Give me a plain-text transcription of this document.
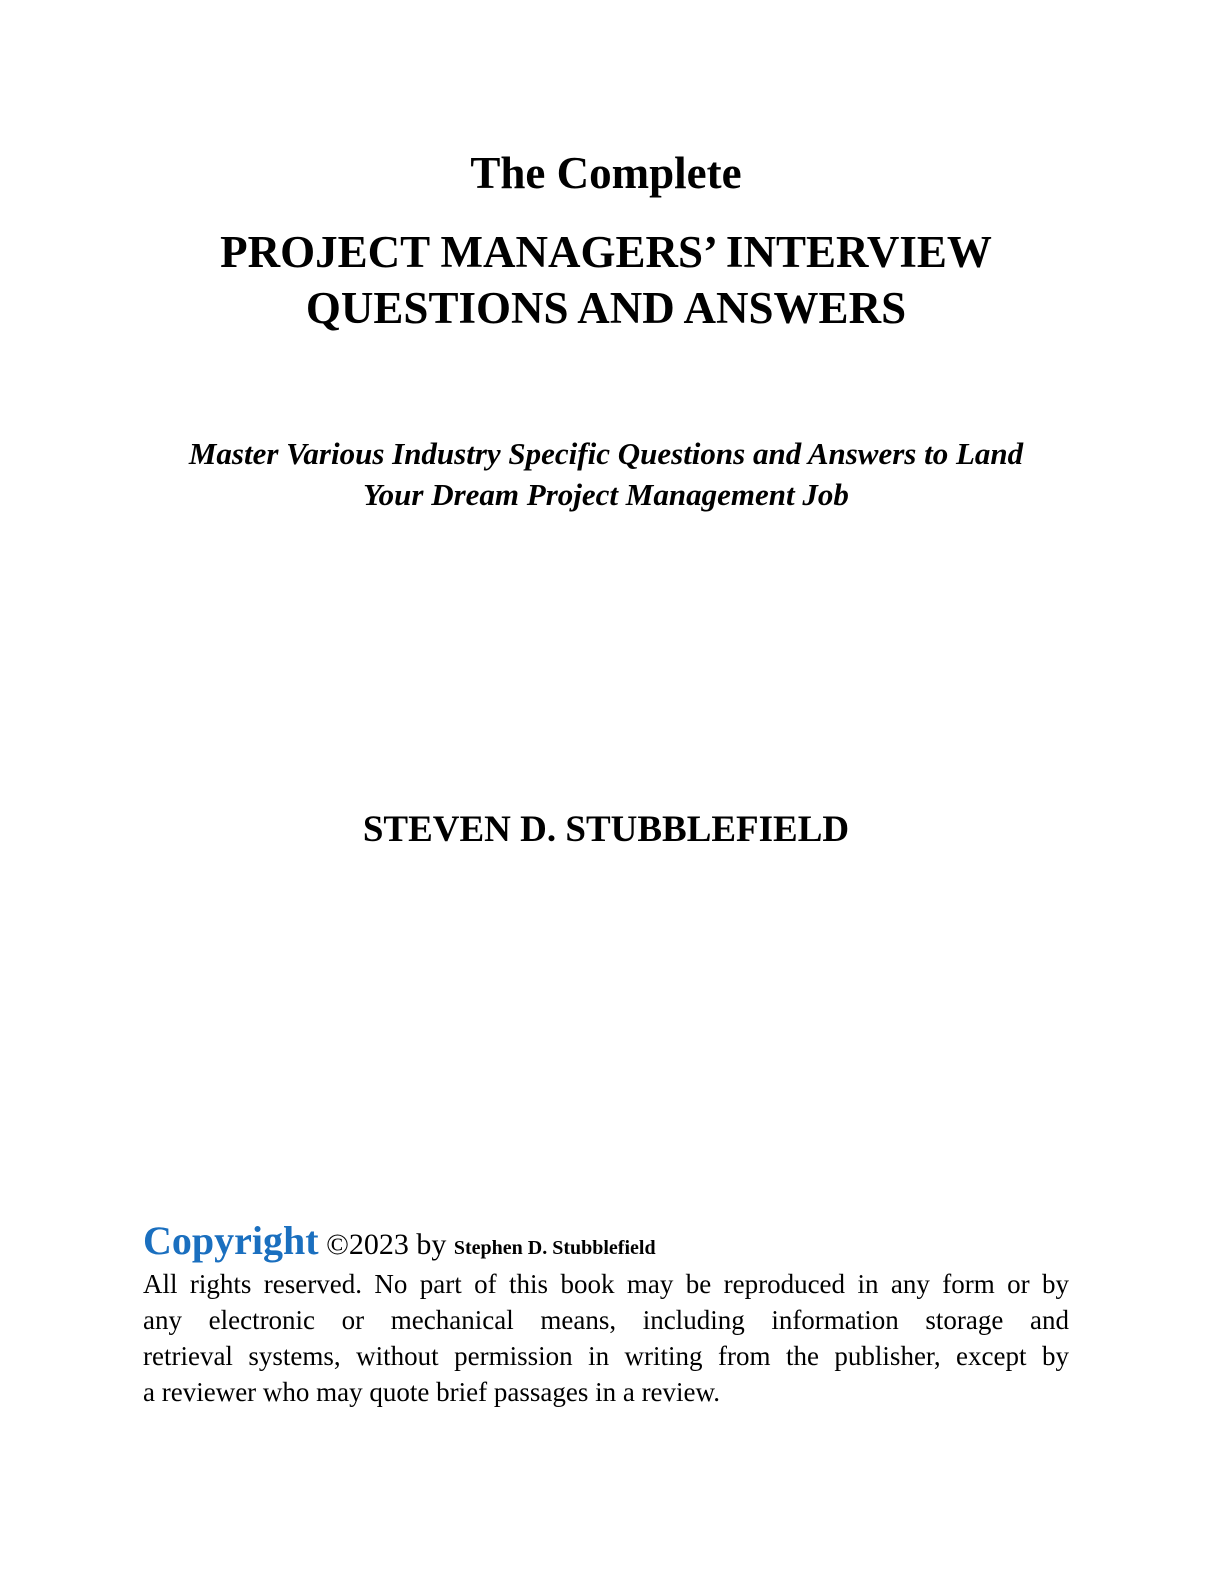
The Complete
PROJECT MANAGERS’ INTERVIEW
QUESTIONS AND ANSWERS
Master Various Industry Specific Questions and Answers to Land
Your Dream Project Management Job
STEVEN D. STUBBLEFIELD
Copyright ©2023 by Stephen D. Stubblefield
All rights reserved. No part of this book may be reproduced in any form or by
any electronic or mechanical means, including information storage and
retrieval systems, without permission in writing from the publisher, except by
a reviewer who may quote brief passages in a review.
